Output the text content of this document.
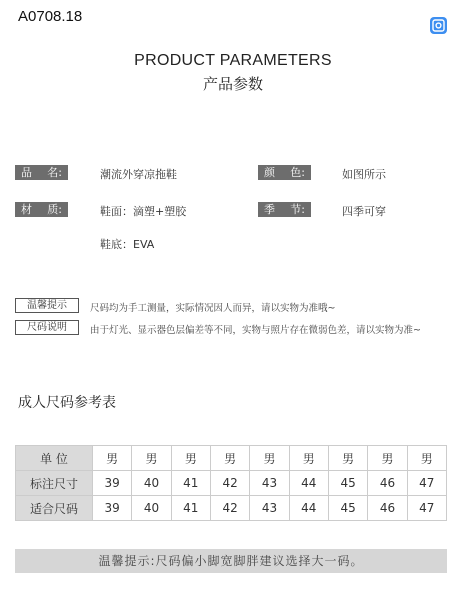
A0708.18
PRODUCT PARAMETERS
产品参数
品 名:	潮流外穿凉拖鞋	颜 色:	如图所示
材 质:	鞋面：滴塑+塑胶	季 节:	四季可穿
鞋底：EVA
温馨提示	尺码均为手工测量，实际情况因人而异，请以实物为准哦~
尺码说明	由于灯光、显示器色层偏差等不同，实物与照片存在微弱色差，请以实物为准~
成人尺码参考表
单 位	男	男	男	男	男	男	男	男	男
标注尺寸	39	40	41	42	43	44	45	46	47
适合尺码	39	40	41	42	43	44	45	46	47
温馨提示:尺码偏小脚宽脚胖建议选择大一码。
